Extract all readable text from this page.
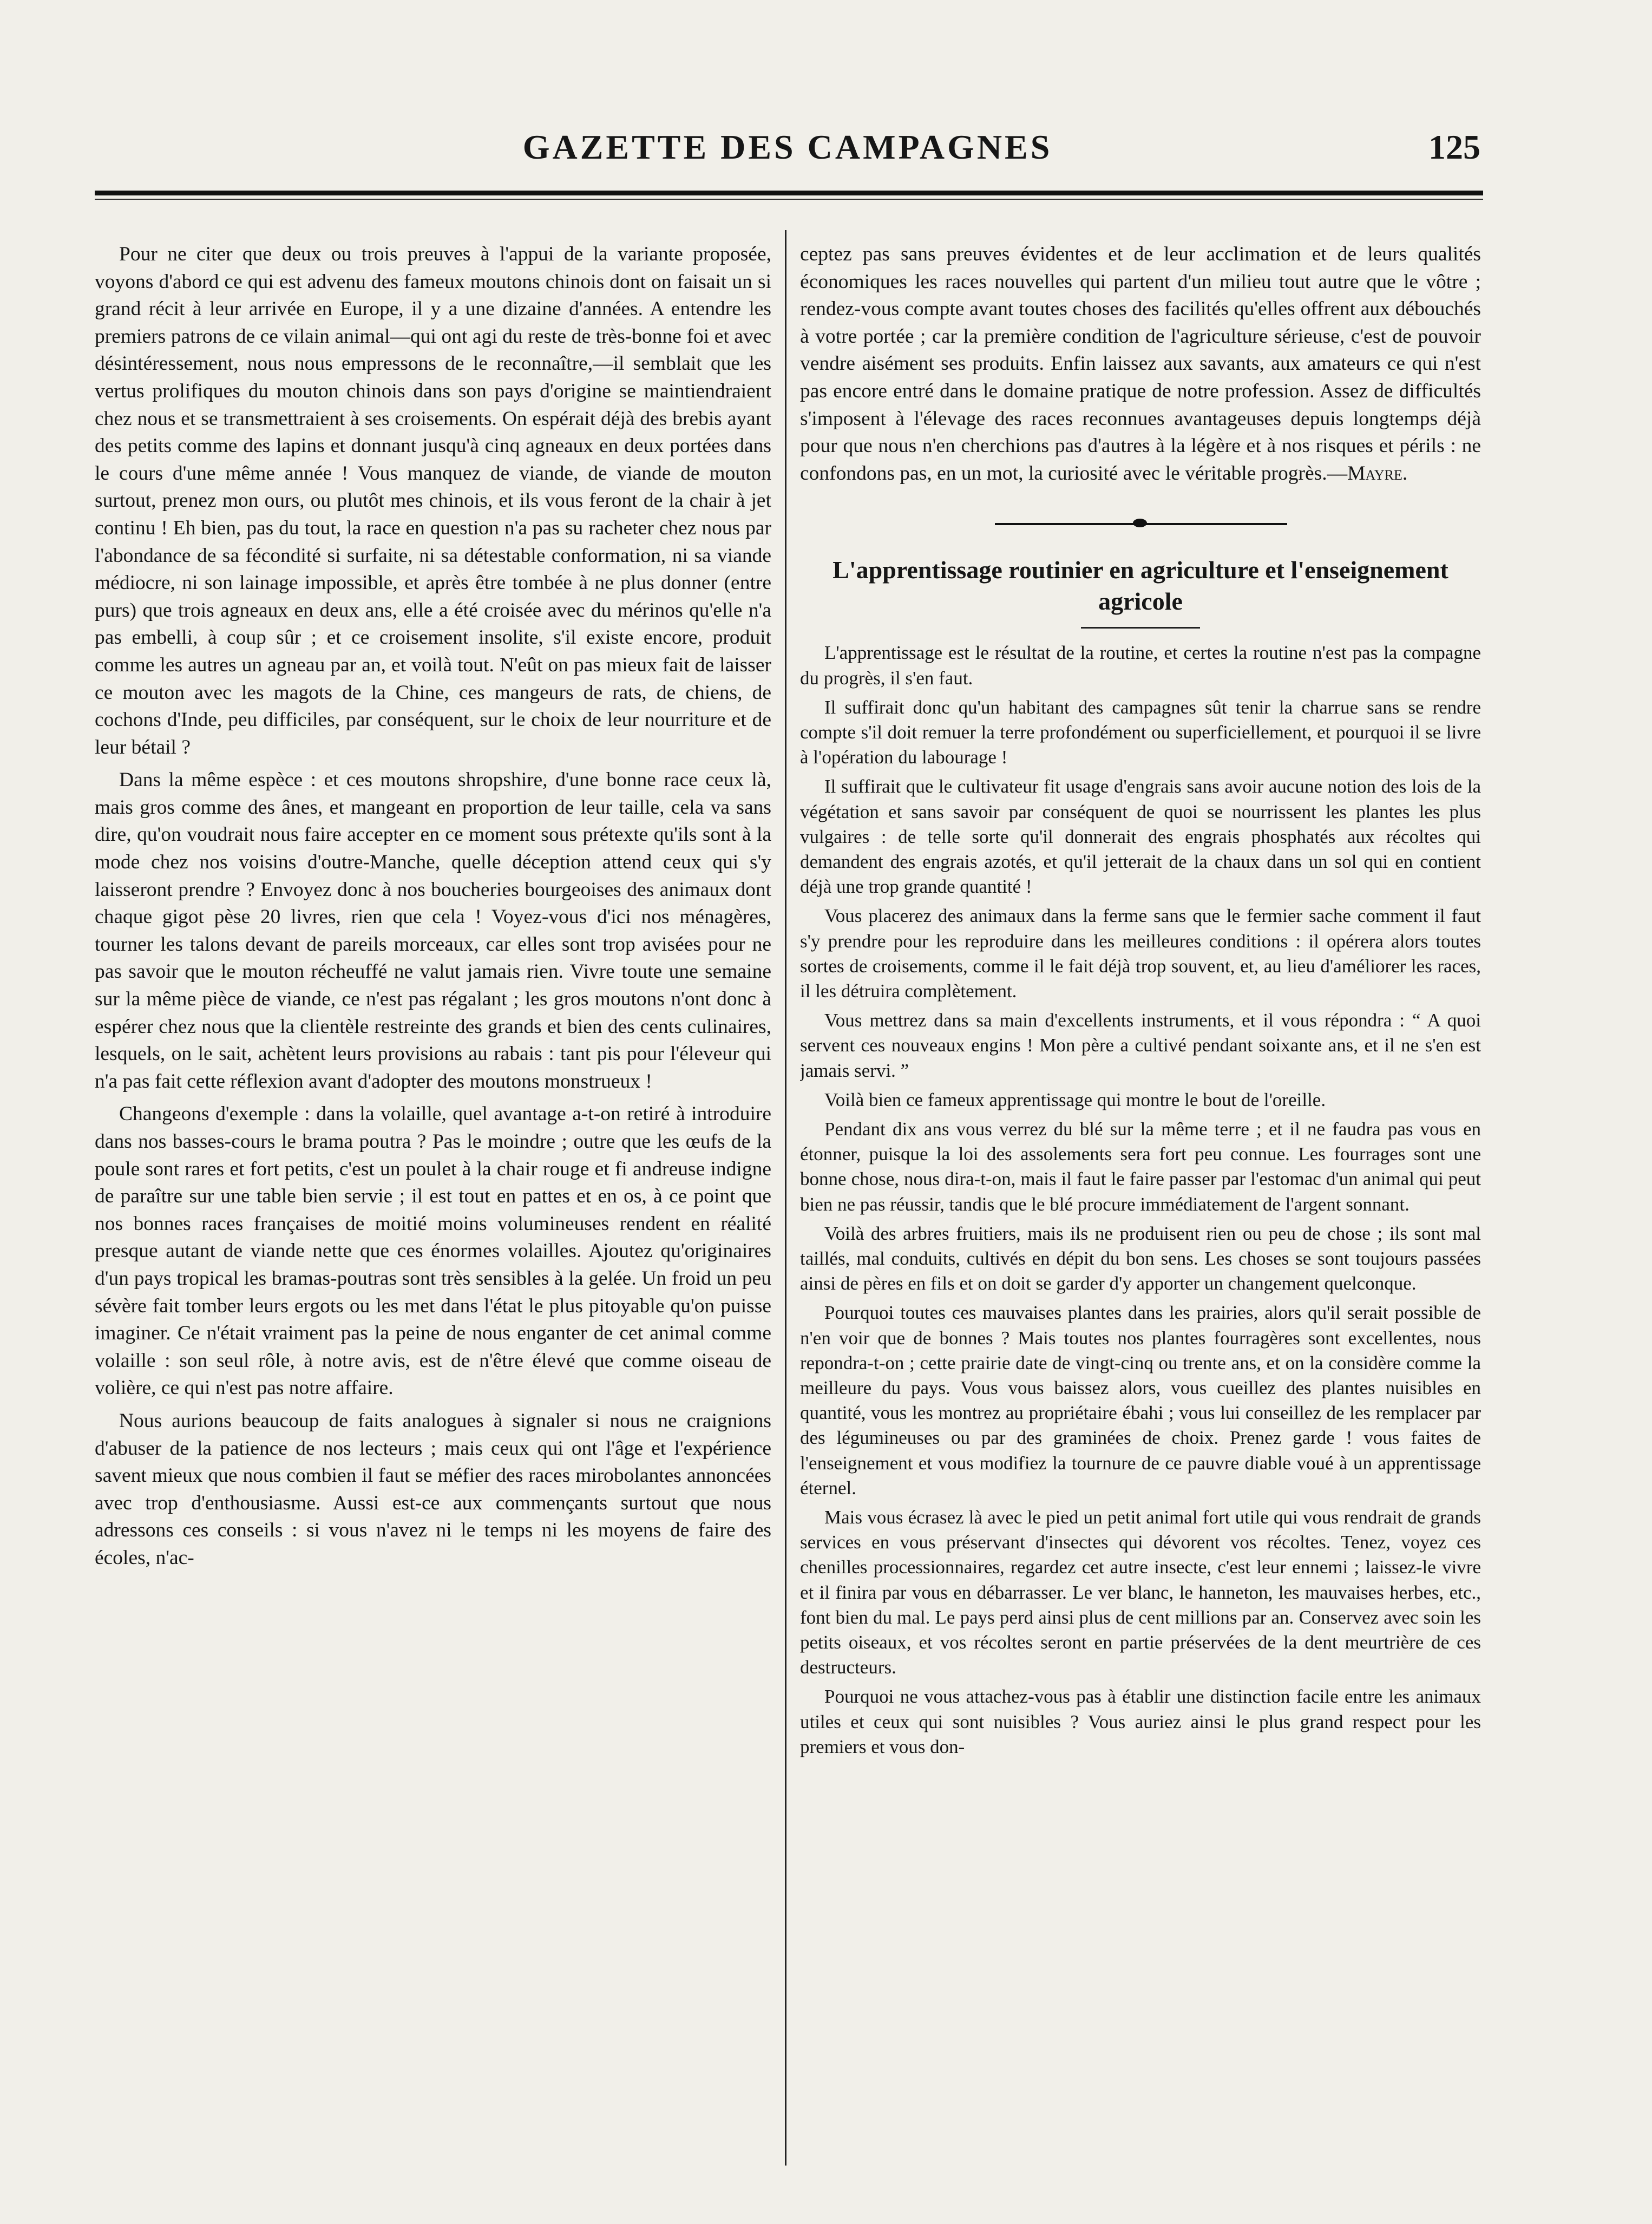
GAZETTE DES CAMPAGNES	125

Pour ne citer que deux ou trois preuves à l'appui de la variante proposée, voyons d'abord ce qui est advenu des fameux moutons chinois dont on faisait un si grand récit à leur arrivée en Europe, il y a une dizaine d'années. A entendre les premiers patrons de ce vilain animal—qui ont agi du reste de très-bonne foi et avec désintéressement, nous nous empressons de le reconnaître,—il semblait que les vertus prolifiques du mouton chinois dans son pays d'origine se maintiendraient chez nous et se transmettraient à ses croisements. On espérait déjà des brebis ayant des petits comme des lapins et donnant jusqu'à cinq agneaux en deux portées dans le cours d'une même année ! Vous manquez de viande, de viande de mouton surtout, prenez mon ours, ou plutôt mes chinois, et ils vous feront de la chair à jet continu ! Eh bien, pas du tout, la race en question n'a pas su racheter chez nous par l'abondance de sa fécondité si surfaite, ni sa détestable conformation, ni sa viande médiocre, ni son lainage impossible, et après être tombée à ne plus donner (entre purs) que trois agneaux en deux ans, elle a été croisée avec du mérinos qu'elle n'a pas embelli, à coup sûr ; et ce croisement insolite, s'il existe encore, produit comme les autres un agneau par an, et voilà tout. N'eût on pas mieux fait de laisser ce mouton avec les magots de la Chine, ces mangeurs de rats, de chiens, de cochons d'Inde, peu difficiles, par conséquent, sur le choix de leur nourriture et de leur bétail ?

Dans la même espèce : et ces moutons shropshire, d'une bonne race ceux là, mais gros comme des ânes, et mangeant en proportion de leur taille, cela va sans dire, qu'on voudrait nous faire accepter en ce moment sous prétexte qu'ils sont à la mode chez nos voisins d'outre-Manche, quelle déception attend ceux qui s'y laisseront prendre ? Envoyez donc à nos boucheries bourgeoises des animaux dont chaque gigot pèse 20 livres, rien que cela ! Voyez-vous d'ici nos ménagères, tourner les talons devant de pareils morceaux, car elles sont trop avisées pour ne pas savoir que le mouton récheuffé ne valut jamais rien. Vivre toute une semaine sur la même pièce de viande, ce n'est pas régalant ; les gros moutons n'ont donc à espérer chez nous que la clientèle restreinte des grands et bien des cents culinaires, lesquels, on le sait, achètent leurs provisions au rabais : tant pis pour l'éleveur qui n'a pas fait cette réflexion avant d'adopter des moutons monstrueux !

Changeons d'exemple : dans la volaille, quel avantage a-t-on retiré à introduire dans nos basses-cours le brama poutra ? Pas le moindre ; outre que les œufs de la poule sont rares et fort petits, c'est un poulet à la chair rouge et fi andreuse indigne de paraître sur une table bien servie ; il est tout en pattes et en os, à ce point que nos bonnes races françaises de moitié moins volumineuses rendent en réalité presque autant de viande nette que ces énormes volailles. Ajoutez qu'originaires d'un pays tropical les bramas-poutras sont très sensibles à la gelée. Un froid un peu sévère fait tomber leurs ergots ou les met dans l'état le plus pitoyable qu'on puisse imaginer. Ce n'était vraiment pas la peine de nous enganter de cet animal comme volaille : son seul rôle, à notre avis, est de n'être élevé que comme oiseau de volière, ce qui n'est pas notre affaire.

Nous aurions beaucoup de faits analogues à signaler si nous ne craignions d'abuser de la patience de nos lecteurs ; mais ceux qui ont l'âge et l'expérience savent mieux que nous combien il faut se méfier des races mirobolantes annoncées avec trop d'enthousiasme. Aussi est-ce aux commençants surtout que nous adressons ces conseils : si vous n'avez ni le temps ni les moyens de faire des écoles, n'ac-

ceptez pas sans preuves évidentes et de leur acclimation et de leurs qualités économiques les races nouvelles qui partent d'un milieu tout autre que le vôtre ; rendez-vous compte avant toutes choses des facilités qu'elles offrent aux débouchés à votre portée ; car la première condition de l'agriculture sérieuse, c'est de pouvoir vendre aisément ses produits. Enfin laissez aux savants, aux amateurs ce qui n'est pas encore entré dans le domaine pratique de notre profession. Assez de difficultés s'imposent à l'élevage des races reconnues avantageuses depuis longtemps déjà pour que nous n'en cherchions pas d'autres à la légère et à nos risques et périls : ne confondons pas, en un mot, la curiosité avec le véritable progrès.—Mayre.

L'apprentissage routinier en agriculture et l'enseignement agricole

L'apprentissage est le résultat de la routine, et certes la routine n'est pas la compagne du progrès, il s'en faut.

Il suffirait donc qu'un habitant des campagnes sût tenir la charrue sans se rendre compte s'il doit remuer la terre profondément ou superficiellement, et pourquoi il se livre à l'opération du labourage !

Il suffirait que le cultivateur fit usage d'engrais sans avoir aucune notion des lois de la végétation et sans savoir par conséquent de quoi se nourrissent les plantes les plus vulgaires : de telle sorte qu'il donnerait des engrais phosphatés aux récoltes qui demandent des engrais azotés, et qu'il jetterait de la chaux dans un sol qui en contient déjà une trop grande quantité !

Vous placerez des animaux dans la ferme sans que le fermier sache comment il faut s'y prendre pour les reproduire dans les meilleures conditions : il opérera alors toutes sortes de croisements, comme il le fait déjà trop souvent, et, au lieu d'améliorer les races, il les détruira complètement.

Vous mettrez dans sa main d'excellents instruments, et il vous répondra : “ A quoi servent ces nouveaux engins ! Mon père a cultivé pendant soixante ans, et il ne s'en est jamais servi. ”

Voilà bien ce fameux apprentissage qui montre le bout de l'oreille.

Pendant dix ans vous verrez du blé sur la même terre ; et il ne faudra pas vous en étonner, puisque la loi des assolements sera fort peu connue. Les fourrages sont une bonne chose, nous dira-t-on, mais il faut le faire passer par l'estomac d'un animal qui peut bien ne pas réussir, tandis que le blé procure immédiatement de l'argent sonnant.

Voilà des arbres fruitiers, mais ils ne produisent rien ou peu de chose ; ils sont mal taillés, mal conduits, cultivés en dépit du bon sens. Les choses se sont toujours passées ainsi de pères en fils et on doit se garder d'y apporter un changement quelconque.

Pourquoi toutes ces mauvaises plantes dans les prairies, alors qu'il serait possible de n'en voir que de bonnes ? Mais toutes nos plantes fourragères sont excellentes, nous repondra-t-on ; cette prairie date de vingt-cinq ou trente ans, et on la considère comme la meilleure du pays. Vous vous baissez alors, vous cueillez des plantes nuisibles en quantité, vous les montrez au propriétaire ébahi ; vous lui conseillez de les remplacer par des légumineuses ou par des graminées de choix. Prenez garde ! vous faites de l'enseignement et vous modifiez la tournure de ce pauvre diable voué à un apprentissage éternel.

Mais vous écrasez là avec le pied un petit animal fort utile qui vous rendrait de grands services en vous préservant d'insectes qui dévorent vos récoltes. Tenez, voyez ces chenilles processionnaires, regardez cet autre insecte, c'est leur ennemi ; laissez-le vivre et il finira par vous en débarrasser. Le ver blanc, le hanneton, les mauvaises herbes, etc., font bien du mal. Le pays perd ainsi plus de cent millions par an. Conservez avec soin les petits oiseaux, et vos récoltes seront en partie préservées de la dent meurtrière de ces destructeurs.

Pourquoi ne vous attachez-vous pas à établir une distinction facile entre les animaux utiles et ceux qui sont nuisibles ? Vous auriez ainsi le plus grand respect pour les premiers et vous don-
